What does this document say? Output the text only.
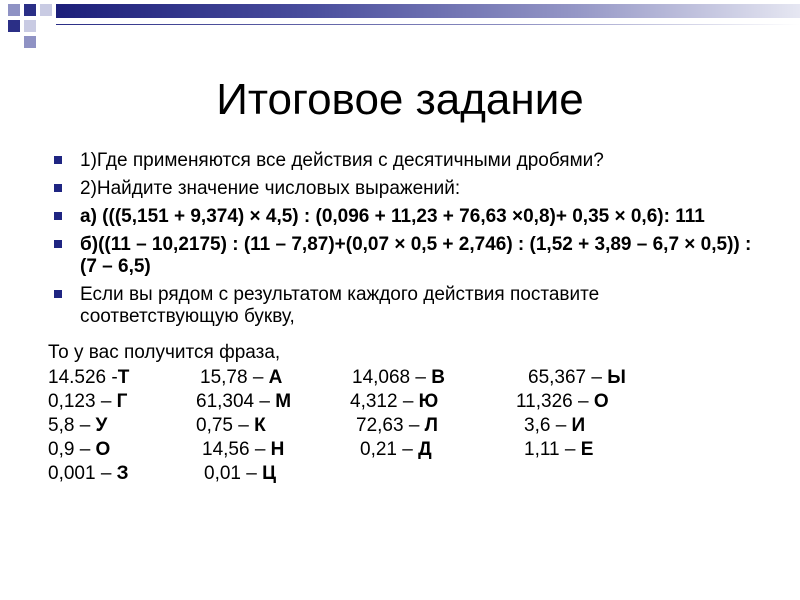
Итоговое задание
1)Где применяются все действия с десятичными дробями?
2)Найдите значение числовых выражений:
а) (((5,151 + 9,374) × 4,5) : (0,096 + 11,23 + 76,63 ×0,8)+ 0,35 × 0,6): 111
б)((11 – 10,2175) : (11 – 7,87)+(0,07 × 0,5 + 2,746) : (1,52 + 3,89 – 6,7 × 0,5)) : (7 – 6,5)
Если вы рядом с результатом каждого действия поставите соответствующую букву,
То у вас получится фраза,
14.526 -Т	15,78 – А	14,068 – В	65,367 – Ы
0,123 – Г	61,304 – М	4,312 – Ю	11,326 – О
5,8 – У	0,75 – К	72,63 – Л	3,6 – И
0,9 – О	14,56 – Н	0,21 – Д	1,11 – Е
0,001 – З	0,01 – Ц
